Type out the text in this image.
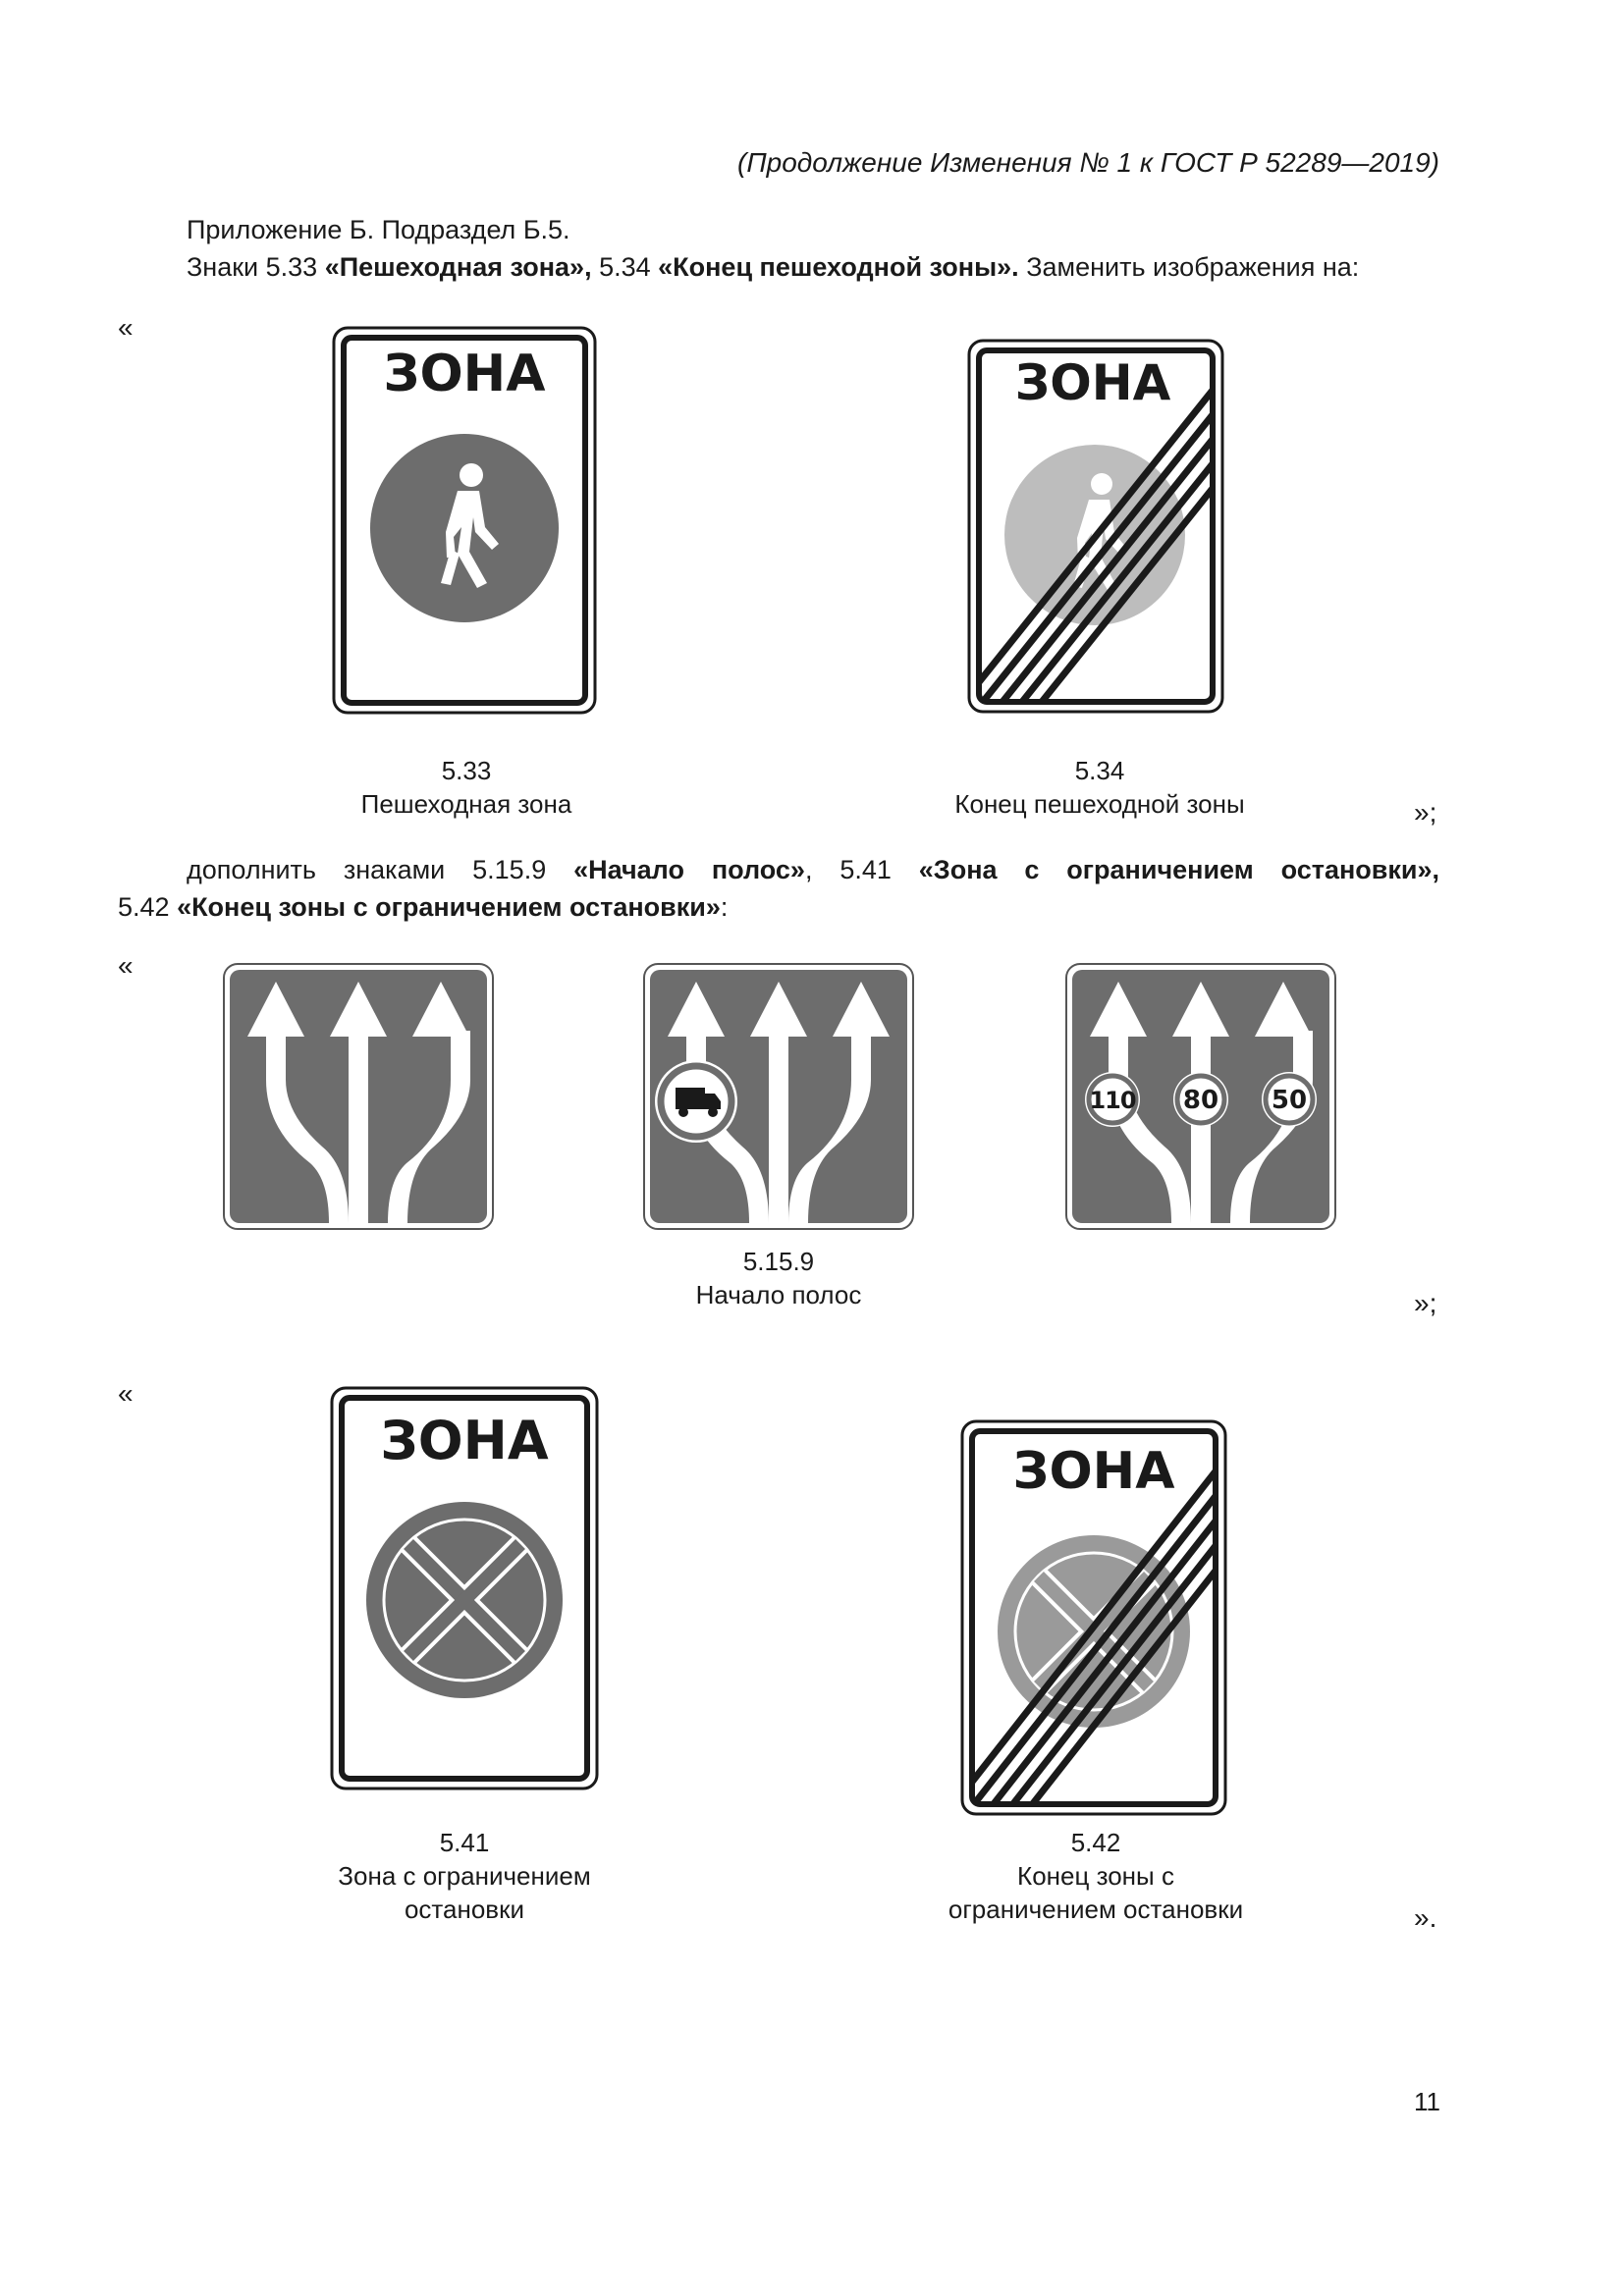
(Продолжение Изменения № 1 к ГОСТ Р 52289—2019)
Приложение Б. Подраздел Б.5.
Знаки 5.33 «Пешеходная зона», 5.34 «Конец пешеходной зоны». Заменить изображения на:
«
ЗОНА	ЗОНА
5.33
Пешеходная зона
5.34
Конец пешеходной зоны	»;
дополнить знаками 5.15.9 «Начало полос», 5.41 «Зона с ограничением остановки»,
5.42 «Конец зоны с ограничением остановки»:
«
110 80 50
5.15.9
Начало полос	»;
«
ЗОНА	ЗОНА
5.41
Зона с ограничением
остановки
5.42
Конец зоны с
ограничением остановки	».
11
